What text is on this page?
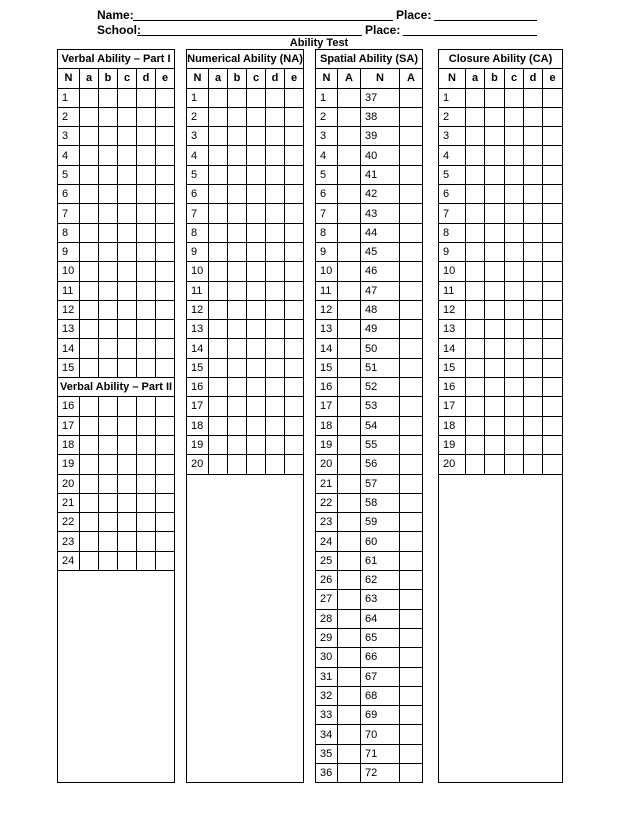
Name:	Place:
School:	Place:
Ability Test
Verbal Ability – Part I					
N	a	b	c	d	e
1					
2					
3					
4					
5					
6					
7					
8					
9					
10					
11					
12					
13					
14					
15					
Verbal Ability – Part II					
16					
17					
18					
19					
20					
21					
22					
23					
24					

Numerical Ability (NA)					
N	a	b	c	d	e
1					
2					
3					
4					
5					
6					
7					
8					
9					
10					
11					
12					
13					
14					
15					
16					
17					
18					
19					
20					

Spatial Ability (SA)			
N	A	N	A
1		37	
2		38	
3		39	
4		40	
5		41	
6		42	
7		43	
8		44	
9		45	
10		46	
11		47	
12		48	
13		49	
14		50	
15		51	
16		52	
17		53	
18		54	
19		55	
20		56	
21		57	
22		58	
23		59	
24		60	
25		61	
26		62	
27		63	
28		64	
29		65	
30		66	
31		67	
32		68	
33		69	
34		70	
35		71	
36		72	
Closure Ability (CA)					
N	a	b	c	d	e
1					
2					
3					
4					
5					
6					
7					
8					
9					
10					
11					
12					
13					
14					
15					
16					
17					
18					
19					
20					
